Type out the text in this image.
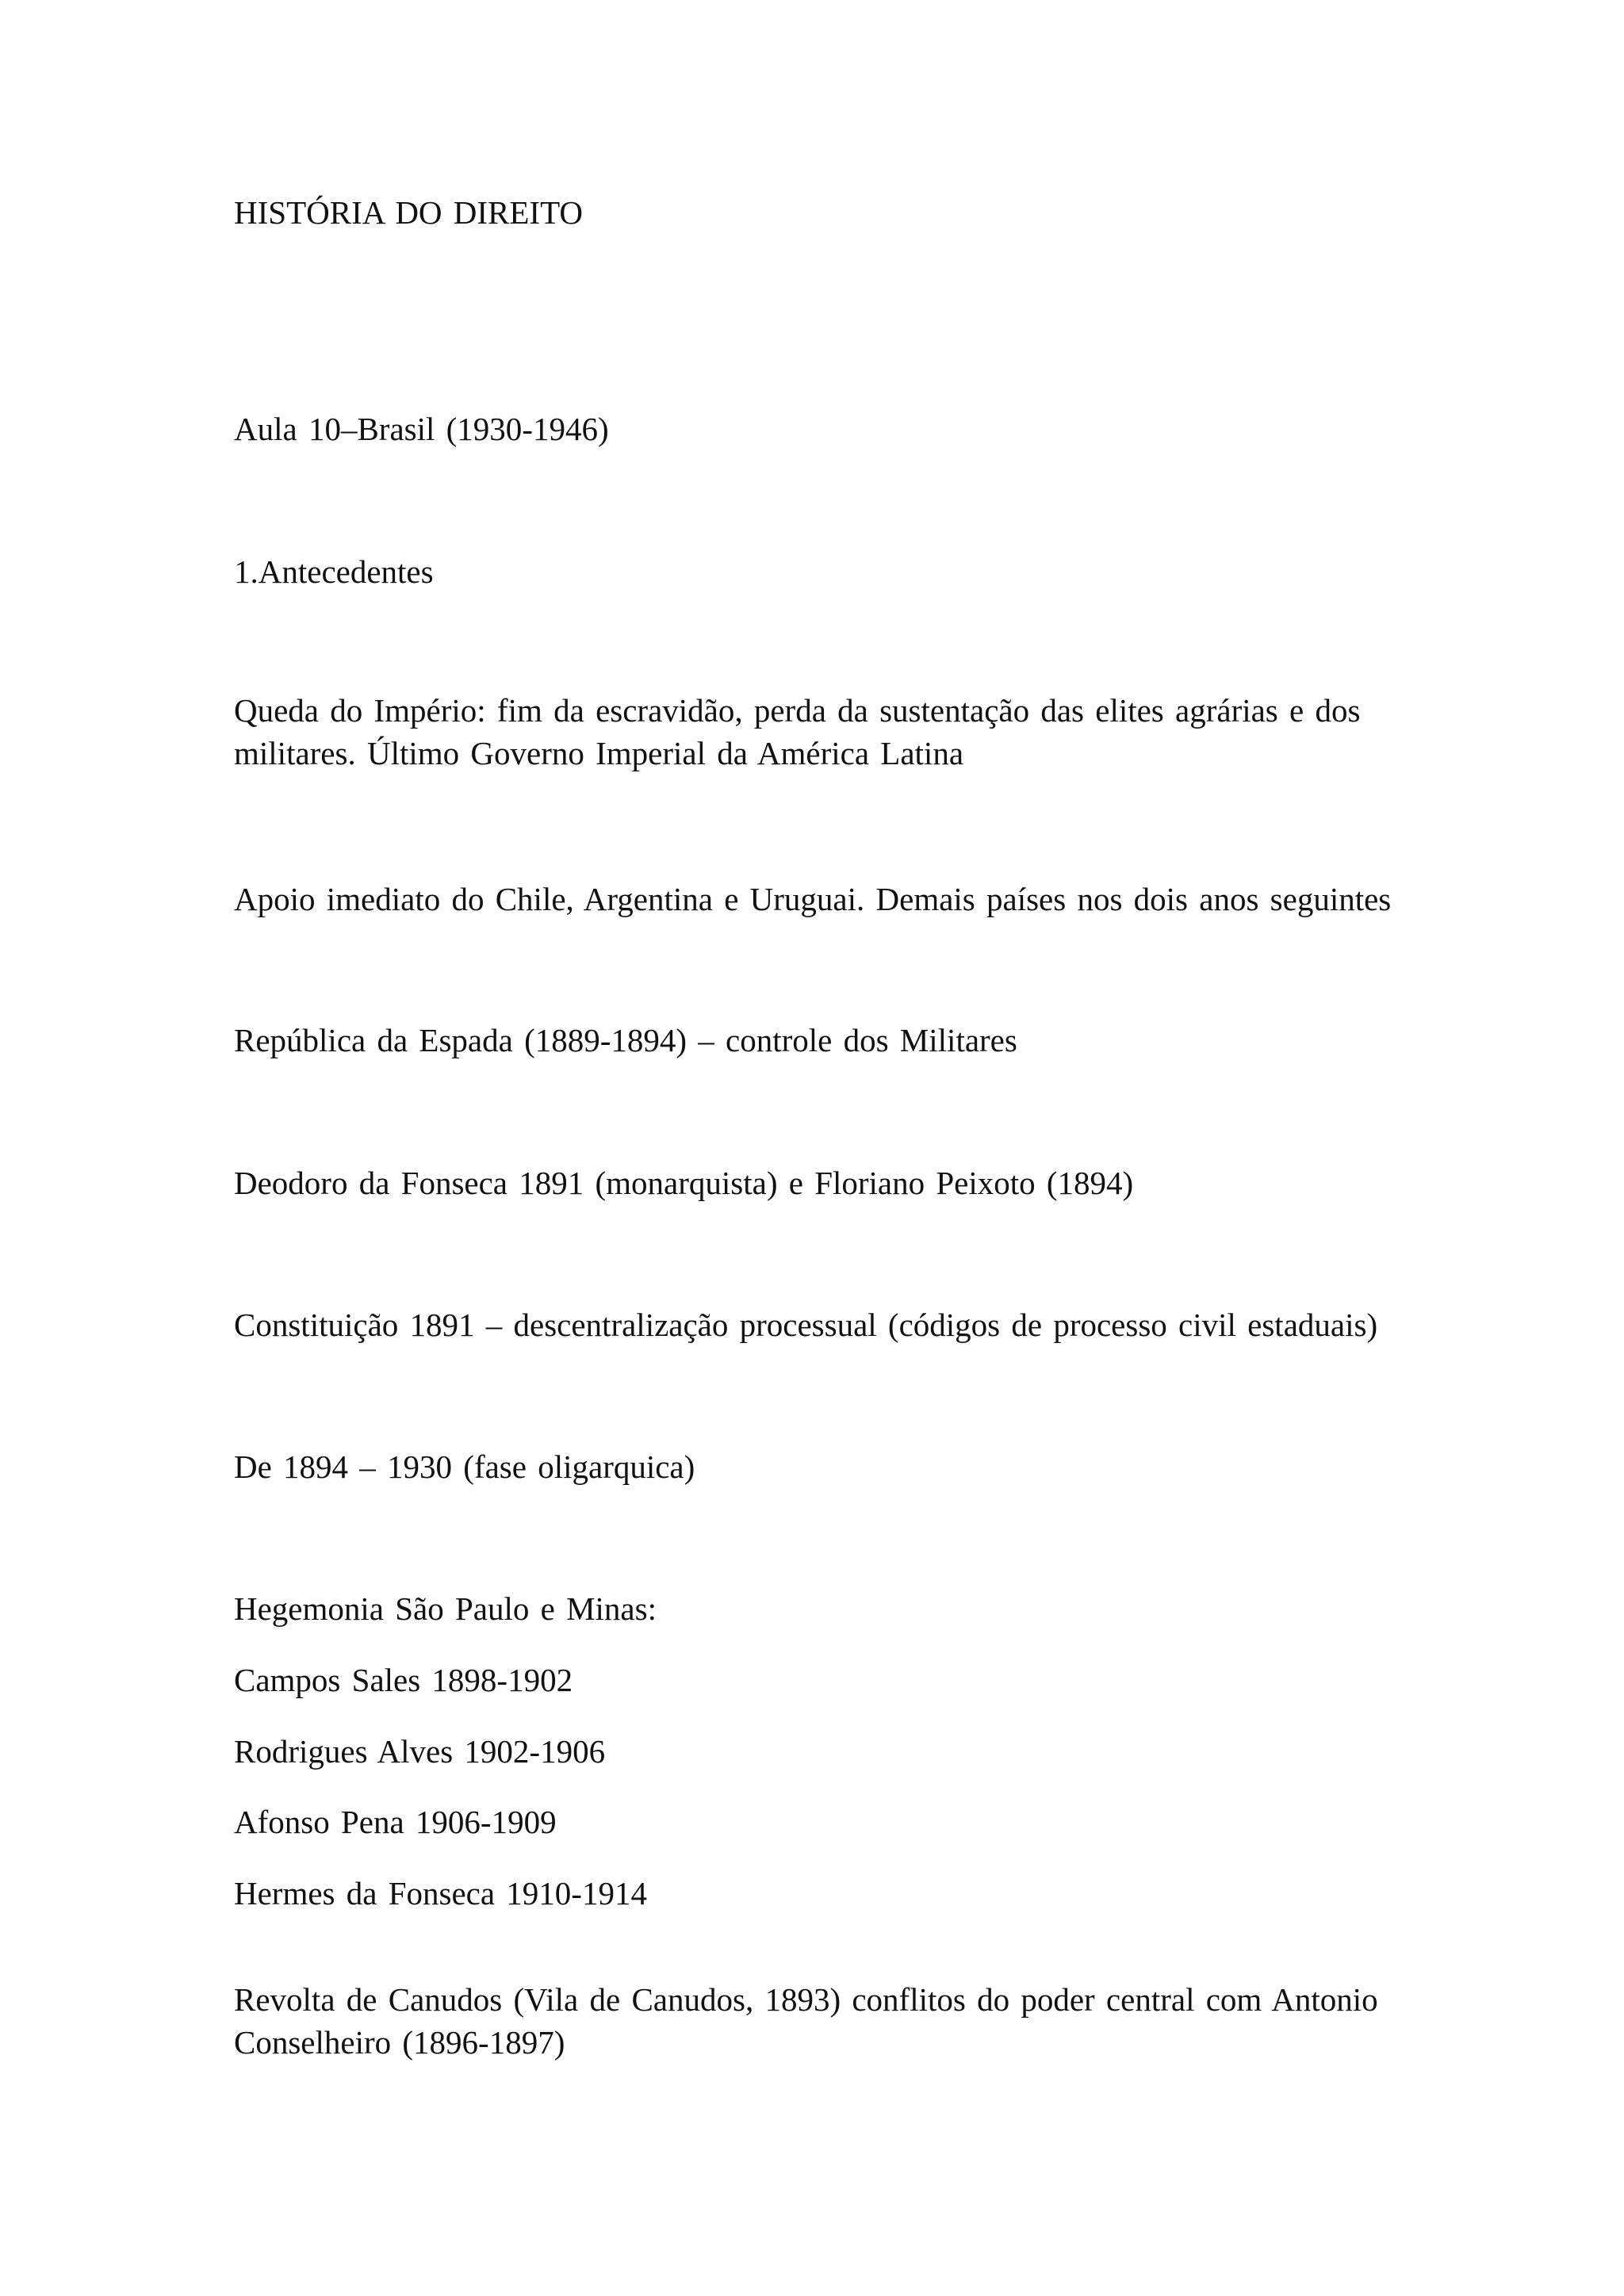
HISTÓRIA DO DIREITO

Aula 10–Brasil (1930-1946)

1.Antecedentes

Queda do Império: fim da escravidão, perda da sustentação das elites agrárias e dos
militares. Último Governo Imperial da América Latina

Apoio imediato do Chile, Argentina e Uruguai. Demais países nos dois anos seguintes

República da Espada (1889-1894) – controle dos Militares

Deodoro da Fonseca 1891 (monarquista) e Floriano Peixoto (1894)

Constituição 1891 – descentralização processual (códigos de processo civil estaduais)

De 1894 – 1930 (fase oligarquica)

Hegemonia São Paulo e Minas:

Campos Sales 1898-1902

Rodrigues Alves 1902-1906

Afonso Pena 1906-1909

Hermes da Fonseca 1910-1914

Revolta de Canudos (Vila de Canudos, 1893) conflitos do poder central com Antonio
Conselheiro (1896-1897)
